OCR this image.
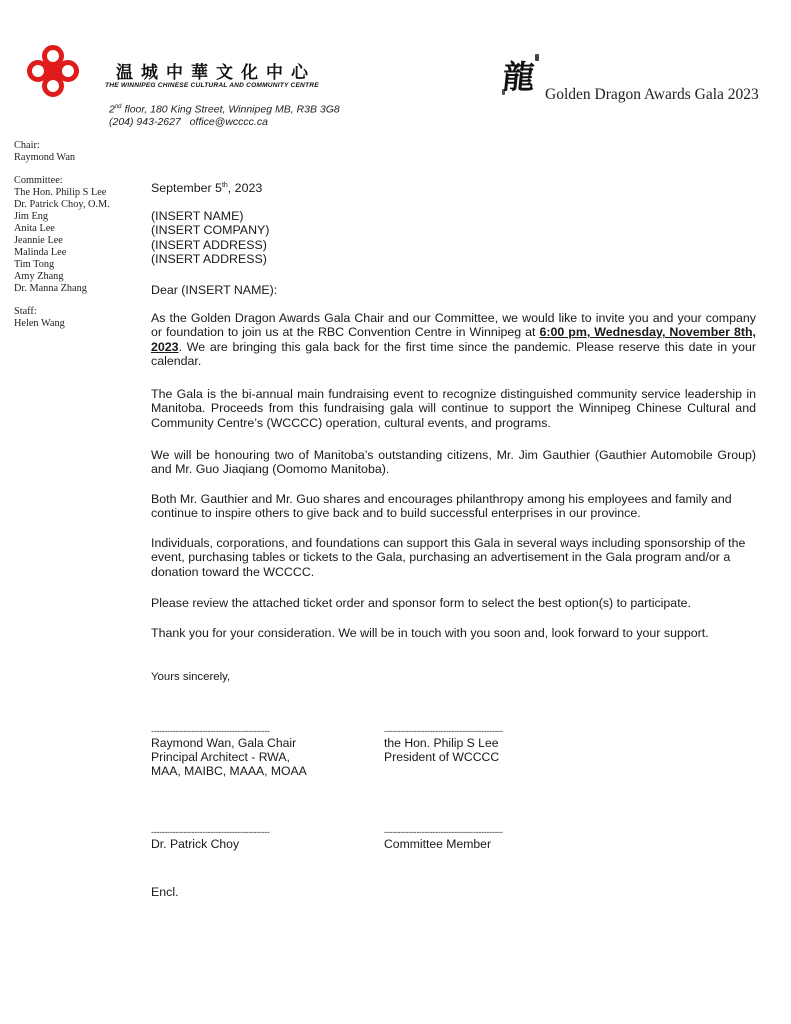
温城中華文化中心
THE WINNIPEG CHINESE CULTURAL AND COMMUNITY CENTRE
2nd floor, 180 King Street, Winnipeg MB, R3B 3G8
(204) 943-2627 office@wcccc.ca
龍 Golden Dragon Awards Gala 2023
Chair:
Raymond Wan
Committee:
The Hon. Philip S Lee
Dr. Patrick Choy, O.M.
Jim Eng
Anita Lee
Jeannie Lee
Malinda Lee
Tim Tong
Amy Zhang
Dr. Manna Zhang
Staff:
Helen Wang
September 5th, 2023
(INSERT NAME)
(INSERT COMPANY)
(INSERT ADDRESS)
(INSERT ADDRESS)
Dear (INSERT NAME):
As the Golden Dragon Awards Gala Chair and our Committee, we would like to invite you and your company or foundation to join us at the RBC Convention Centre in Winnipeg at 6:00 pm, Wednesday, November 8th, 2023. We are bringing this gala back for the first time since the pandemic. Please reserve this date in your calendar.
The Gala is the bi-annual main fundraising event to recognize distinguished community service leadership in Manitoba. Proceeds from this fundraising gala will continue to support the Winnipeg Chinese Cultural and Community Centre’s (WCCCC) operation, cultural events, and programs.
We will be honouring two of Manitoba’s outstanding citizens, Mr. Jim Gauthier (Gauthier Automobile Group) and Mr. Guo Jiaqiang (Oomomo Manitoba).
Both Mr. Gauthier and Mr. Guo shares and encourages philanthropy among his employees and family and continue to inspire others to give back and to build successful enterprises in our province.
Individuals, corporations, and foundations can support this Gala in several ways including sponsorship of the event, purchasing tables or tickets to the Gala, purchasing an advertisement in the Gala program and/or a donation toward the WCCCC.
Please review the attached ticket order and sponsor form to select the best option(s) to participate.
Thank you for your consideration. We will be in touch with you soon and, look forward to your support.
Yours sincerely,
--------------------------------------------
Raymond Wan, Gala Chair
Principal Architect - RWA,
MAA, MAIBC, MAAA, MOAA
--------------------------------------------
the Hon. Philip S Lee
President of WCCCC
--------------------------------------------
Dr. Patrick Choy
--------------------------------------------
Committee Member
Encl.
